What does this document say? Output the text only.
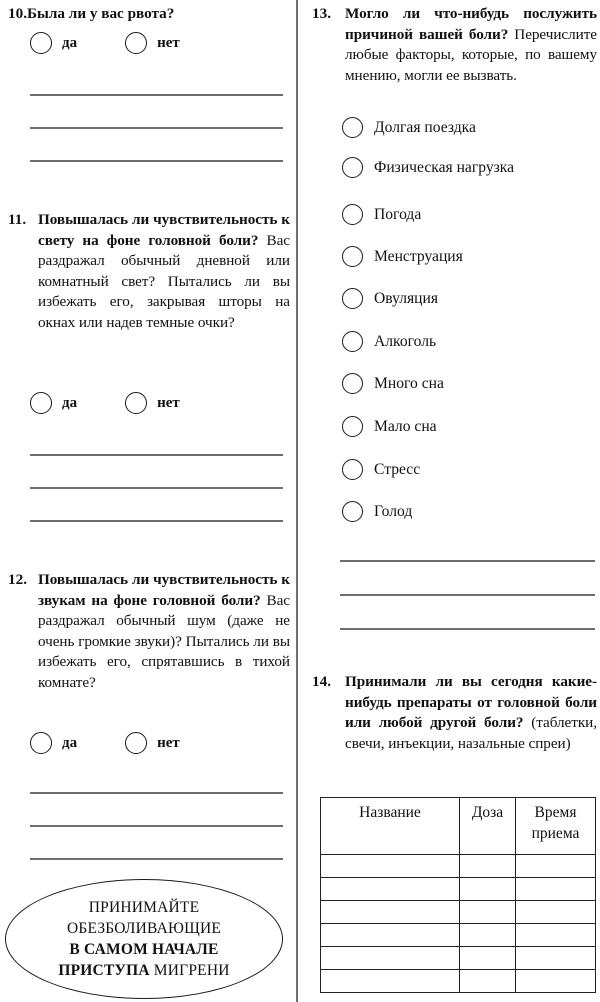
10. Была ли у вас рвота?
да	нет
11. Повышалась ли чувствительность к свету на фоне головной боли? Вас раздражал обычный дневной или комнатный свет? Пытались ли вы избежать его, закрывая шторы на окнах или надев темные очки?
да	нет
12. Повышалась ли чувствительность к звукам на фоне головной боли? Вас раздражал обычный шум (даже не очень громкие звуки)? Пытались ли вы избежать его, спрятавшись в тихой комнате?
да	нет
ПРИНИМАЙТЕ
ОБЕЗБОЛИВАЮЩИЕ
В САМОМ НАЧАЛЕ
ПРИСТУПА МИГРЕНИ
13. Могло ли что-нибудь послужить причиной вашей боли? Перечислите любые факторы, которые, по вашему мнению, могли ее вызвать.
Долгая поездка
Физическая нагрузка
Погода
Менструация
Овуляция
Алкоголь
Много сна
Мало сна
Стресс
Голод
14. Принимали ли вы сегодня какие-нибудь препараты от головной боли или любой другой боли? (таблетки, свечи, инъекции, назальные спреи)
Название	Доза	Время приема
